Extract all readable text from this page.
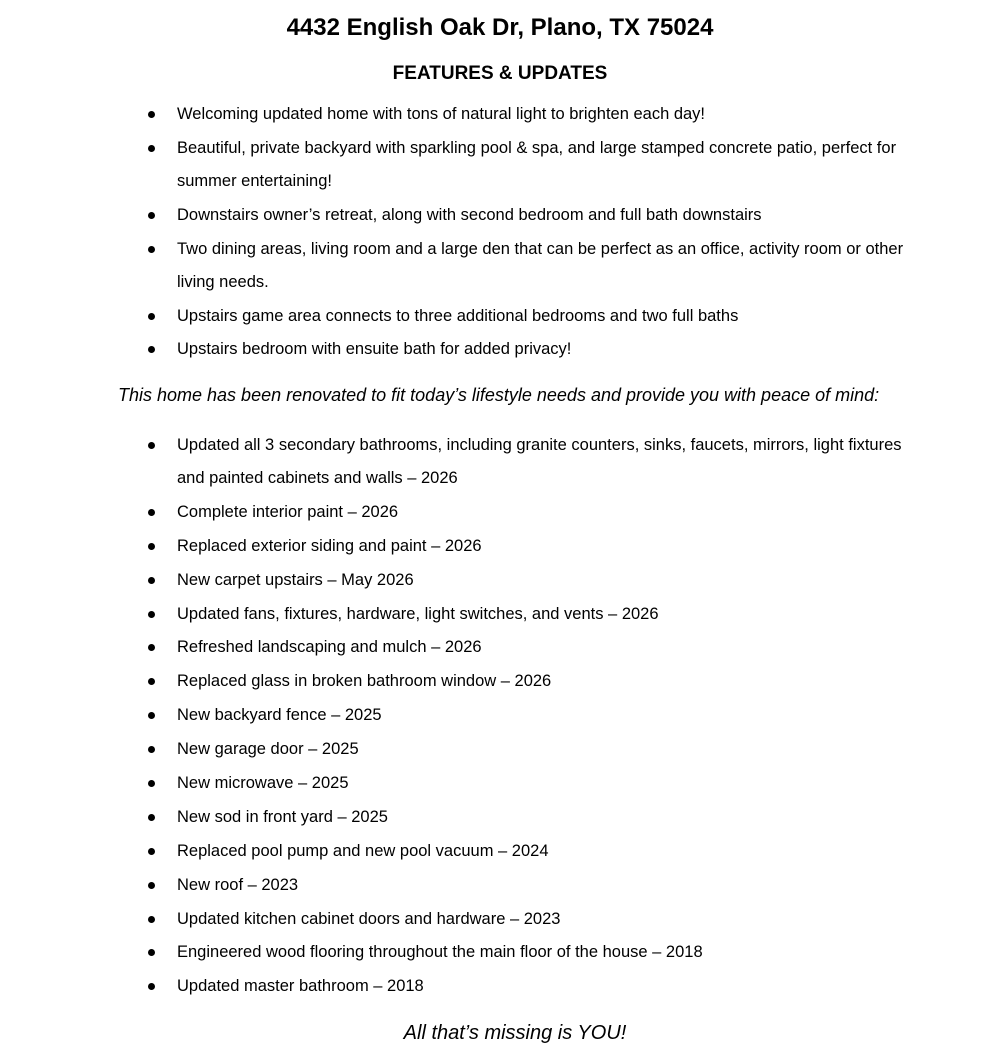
4432 English Oak Dr, Plano, TX 75024
FEATURES & UPDATES
Welcoming updated home with tons of natural light to brighten each day!
Beautiful, private backyard with sparkling pool & spa, and large stamped concrete patio, perfect for summer entertaining!
Downstairs owner’s retreat, along with second bedroom and full bath downstairs
Two dining areas, living room and a large den that can be perfect as an office, activity room or other living needs.
Upstairs game area connects to three additional bedrooms and two full baths
Upstairs bedroom with ensuite bath for added privacy!
This home has been renovated to fit today’s lifestyle needs and provide you with peace of mind:
Updated all 3 secondary bathrooms, including granite counters, sinks, faucets, mirrors, light fixtures and painted cabinets and walls – 2026
Complete interior paint – 2026
Replaced exterior siding and paint – 2026
New carpet upstairs – May 2026
Updated fans, fixtures, hardware, light switches, and vents – 2026
Refreshed landscaping and mulch – 2026
Replaced glass in broken bathroom window – 2026
New backyard fence – 2025
New garage door – 2025
New microwave – 2025
New sod in front yard – 2025
Replaced pool pump and new pool vacuum – 2024
New roof – 2023
Updated kitchen cabinet doors and hardware – 2023
Engineered wood flooring throughout the main floor of the house – 2018
Updated master bathroom – 2018
All that’s missing is YOU!
